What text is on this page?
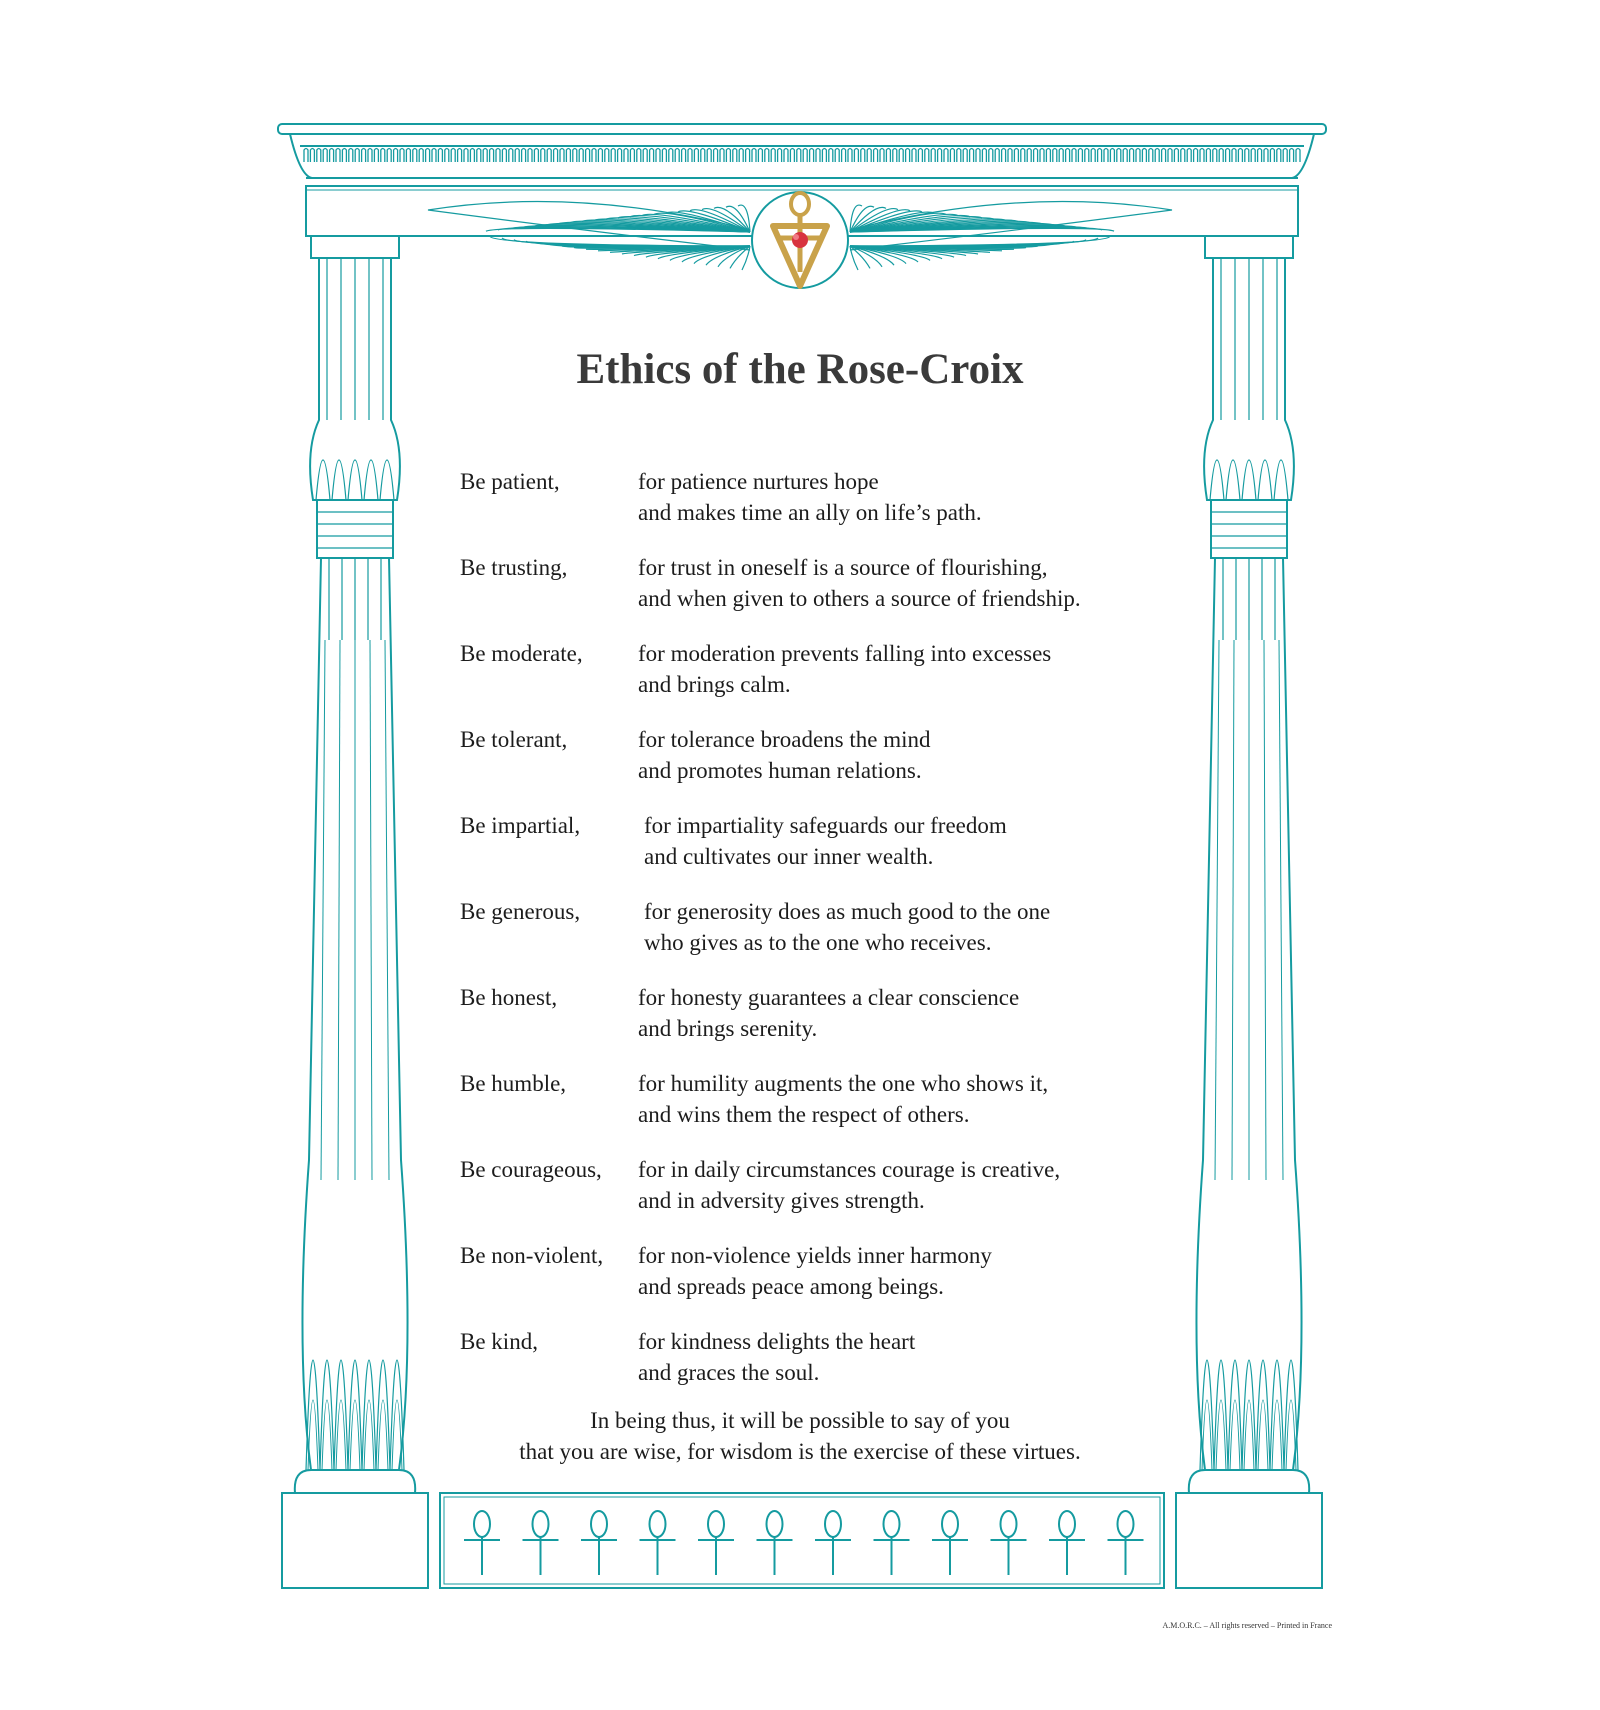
Ethics of the Rose-Croix
Be patient,	for patience nurtures hope
and makes time an ally on life’s path.
Be trusting,	for trust in oneself is a source of flourishing,
and when given to others a source of friendship.
Be moderate, for moderation prevents falling into excesses
and brings calm.
Be tolerant,	for tolerance broadens the mind
and promotes human relations.
Be impartial,	for impartiality safeguards our freedom
and cultivates our inner wealth.
Be generous,	for generosity does as much good to the one
who gives as to the one who receives.
Be honest,	for honesty guarantees a clear conscience
and brings serenity.
Be humble,	for humility augments the one who shows it,
and wins them the respect of others.
Be courageous, for in daily circumstances courage is creative,
and in adversity gives strength.
Be non-violent, for non-violence yields inner harmony
and spreads peace among beings.
Be kind,	for kindness delights the heart
and graces the soul.
In being thus, it will be possible to say of you
that you are wise, for wisdom is the exercise of these virtues.
A.M.O.R.C. – All rights reserved – Printed in France
